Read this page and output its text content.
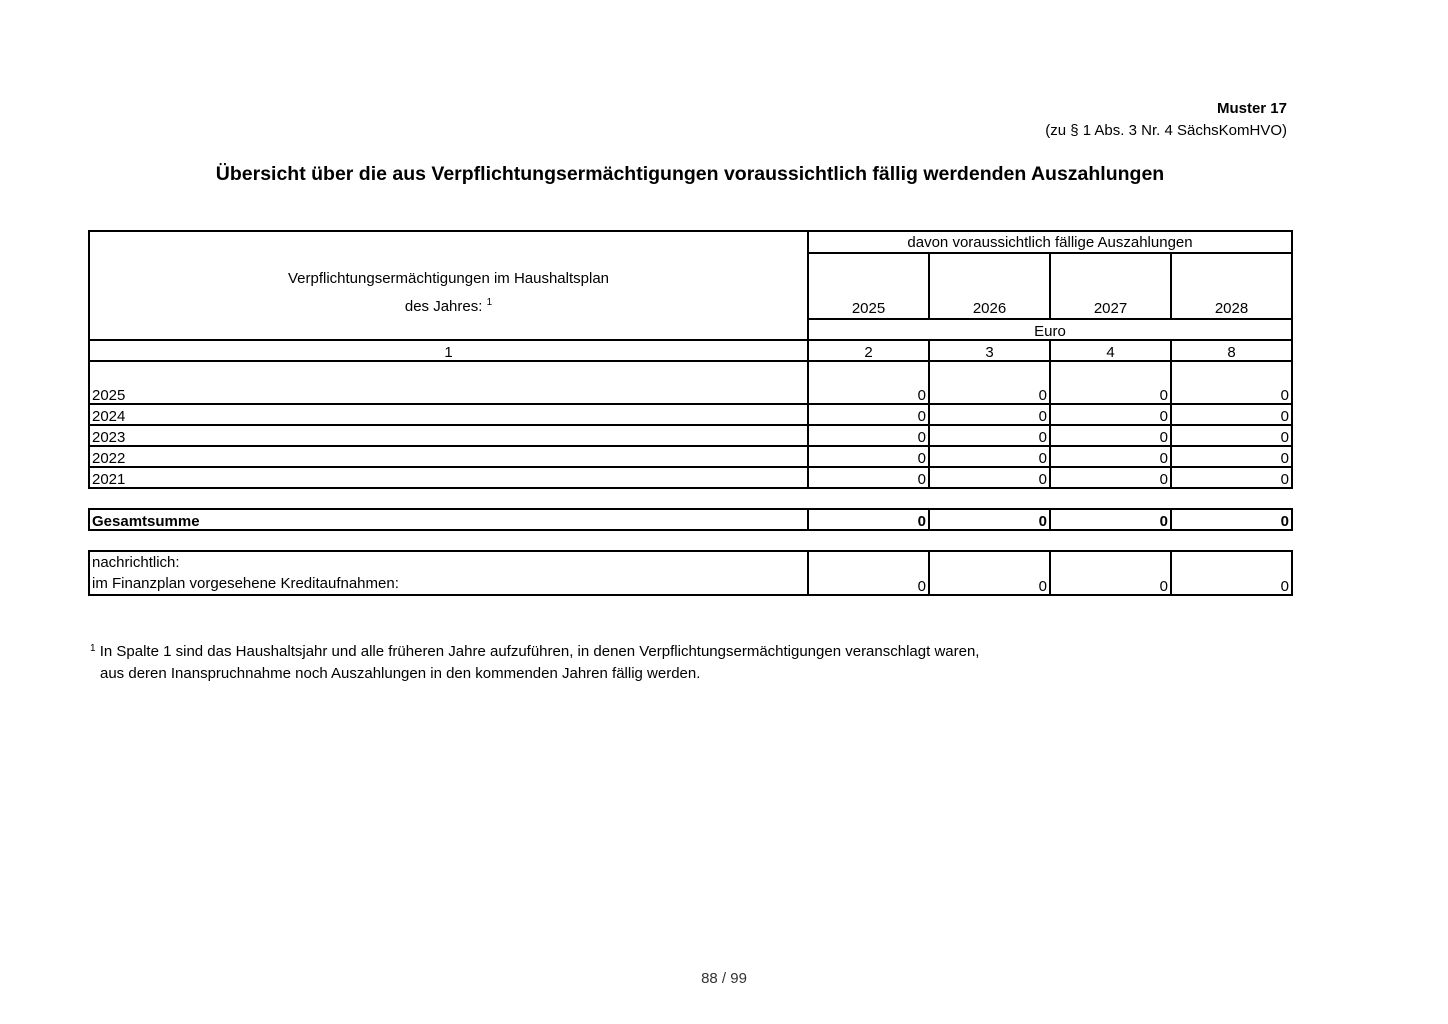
Muster 17
(zu § 1 Abs. 3 Nr. 4 SächsKomHVO)
Übersicht über die aus Verpflichtungsermächtigungen voraussichtlich fällig werdenden Auszahlungen
Verpflichtungsermächtigungen im Haushaltsplan
des Jahres: $^1$	davon voraussichtlich fällige Auszahlungen			
	2025	2026	2027	2028
	Euro			
1	2	3	4	8
2025	0	0	0	0
2024	0	0	0	0
2023	0	0	0	0
2022	0	0	0	0
2021	0	0	0	0

Gesamtsumme	0	0	0	0

nachrichtlich:
im Finanzplan vorgesehene Kreditaufnahmen:	0	0	0	0
$^1$ In Spalte 1 sind das Haushaltsjahr und alle früheren Jahre aufzuführen, in denen Verpflichtungsermächtigungen veranschlagt waren,
aus deren Inanspruchnahme noch Auszahlungen in den kommenden Jahren fällig werden.
88 / 99
